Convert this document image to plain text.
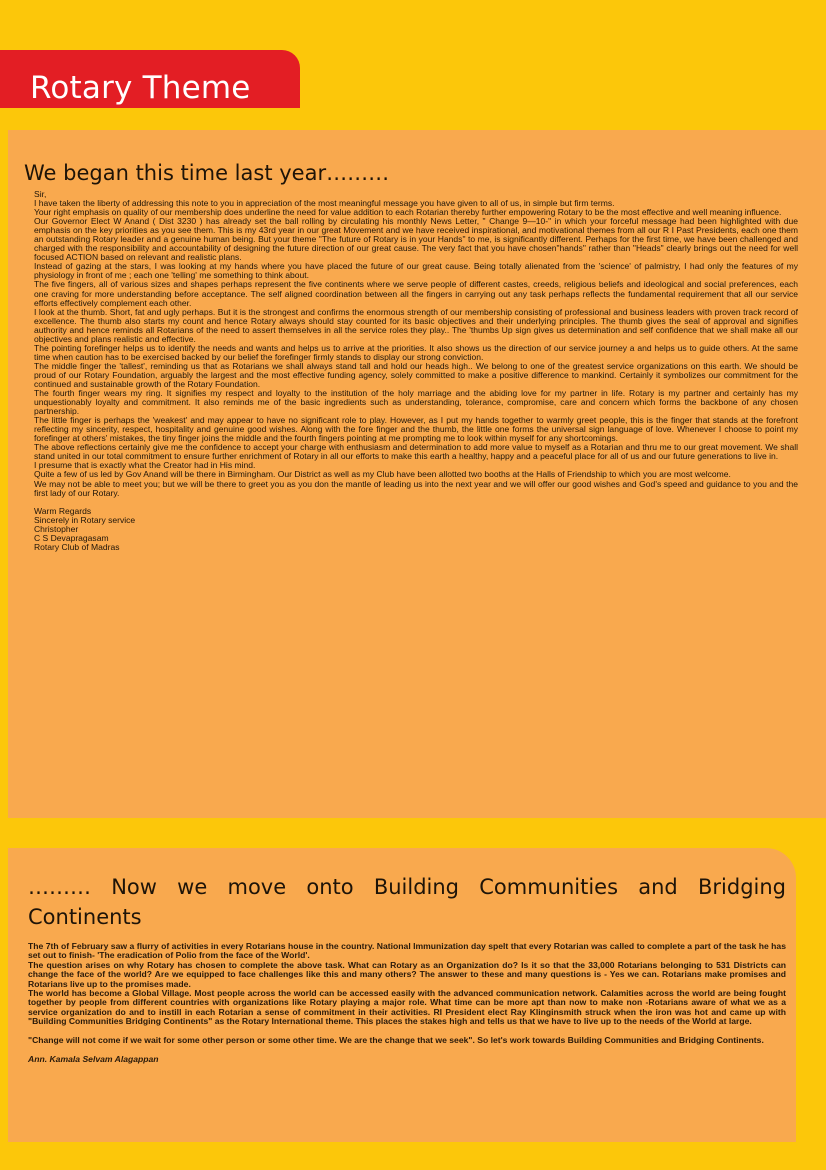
Rotary Theme
We began this time last year………

Sir,

I have taken the liberty of addressing this note to you in appreciation of the most meaningful message you have given to all of us, in simple but firm terms.

Your right emphasis on quality of our membership does underline the need for value addition to each Rotarian thereby further empowering Rotary to be the most effective and well meaning influence.

Our Governor Elect W Anand ( Dist 3230 ) has already set the ball rolling by circulating his monthly News Letter, " Change 9—10-" in which your forceful message had been highlighted with due emphasis on the key priorities as you see them. This is my 43rd year in our great Movement and we have received inspirational, and motivational themes from all our R I Past Presidents, each one them an outstanding Rotary leader and a genuine human being. But your theme "The future of Rotary is in your Hands" to me, is significantly different. Perhaps for the first time, we have been challenged and charged with the responsibility and accountability of designing the future direction of our great cause. The very fact that you have chosen"hands" rather than "Heads" clearly brings out the need for well focused ACTION based on relevant and realistic plans.

Instead of gazing at the stars, I was looking at my hands where you have placed the future of our great cause. Being totally alienated from the 'science' of palmistry, I had only the features of my physiology in front of me ; each one 'telling' me something to think about.

The five fingers, all of various sizes and shapes perhaps represent the five continents where we serve people of different castes, creeds, religious beliefs and ideological and social preferences, each one craving for more understanding before acceptance. The self aligned coordination between all the fingers in carrying out any task perhaps reflects the fundamental requirement that all our service efforts effectively complement each other.

I look at the thumb. Short, fat and ugly perhaps. But it is the strongest and confirms the enormous strength of our membership consisting of professional and business leaders with proven track record of excellence. The thumb also starts my count and hence Rotary always should stay counted for its basic objectives and their underlying principles. The thumb gives the seal of approval and signifies authority and hence reminds all Rotarians of the need to assert themselves in all the service roles they play.. The 'thumbs Up sign gives us determination and self confidence that we shall make all our objectives and plans realistic and effective.

The pointing forefinger helps us to identify the needs and wants and helps us to arrive at the priorities. It also shows us the direction of our service journey a and helps us to guide others. At the same time when caution has to be exercised backed by our belief the forefinger firmly stands to display our strong conviction.

The middle finger the 'tallest', reminding us that as Rotarians we shall always stand tall and hold our heads high.. We belong to one of the greatest service organizations on this earth. We should be proud of our Rotary Foundation, arguably the largest and the most effective funding agency, solely committed to make a positive difference to mankind. Certainly it symbolizes our commitment for the continued and sustainable growth of the Rotary Foundation.

The fourth finger wears my ring. It signifies my respect and loyalty to the institution of the holy marriage and the abiding love for my partner in life. Rotary is my partner and certainly has my unquestionably loyalty and commitment. It also reminds me of the basic ingredients such as understanding, tolerance, compromise, care and concern which forms the backbone of any chosen partnership.

The little finger is perhaps the 'weakest' and may appear to have no significant role to play. However, as I put my hands together to warmly greet people, this is the finger that stands at the forefront reflecting my sincerity, respect, hospitality and genuine good wishes. Along with the fore finger and the thumb, the little one forms the universal sign language of love. Whenever I choose to point my forefinger at others' mistakes, the tiny finger joins the middle and the fourth fingers pointing at me prompting me to look within myself for any shortcomings.

The above reflections certainly give me the confidence to accept your charge with enthusiasm and determination to add more value to myself as a Rotarian and thru me to our great movement. We shall stand united in our total commitment to ensure further enrichment of Rotary in all our efforts to make this earth a healthy, happy and a peaceful place for all of us and our future generations to live in.

I presume that is exactly what the Creator had in His mind.

Quite a few of us led by Gov Anand will be there in Birmingham. Our District as well as my Club have been allotted two booths at the Halls of Friendship to which you are most welcome.

We may not be able to meet you; but we will be there to greet you as you don the mantle of leading us into the next year and we will offer our good wishes and God's speed and guidance to you and the first lady of our Rotary.

Warm Regards

Sincerely in Rotary service

Christopher

C S Devapragasam

Rotary Club of Madras

……… Now we move onto Building Communities and Bridging Continents

The 7th of February saw a flurry of activities in every Rotarians house in the country. National Immunization day spelt that every Rotarian was called to complete a part of the task he has set out to finish- 'The eradication of Polio from the face of the World'.

The question arises on why Rotary has chosen to complete the above task. What can Rotary as an Organization do? Is it so that the 33,000 Rotarians belonging to 531 Districts can change the face of the world? Are we equipped to face challenges like this and many others? The answer to these and many questions is - Yes we can. Rotarians make promises and Rotarians live up to the promises made.

The world has become a Global Village. Most people across the world can be accessed easily with the advanced communication network. Calamities across the world are being fought together by people from different countries with organizations like Rotary playing a major role. What time can be more apt than now to make non -Rotarians aware of what we as a service organization do and to instill in each Rotarian a sense of commitment in their activities. RI President elect Ray Klinginsmith struck when the iron was hot and came up with "Building Communities Bridging Continents" as the Rotary International theme. This places the stakes high and tells us that we have to live up to the needs of the World at large.

"Change will not come if we wait for some other person or some other time. We are the change that we seek". So let's work towards Building Communities and Bridging Continents.

Ann. Kamala Selvam Alagappan
